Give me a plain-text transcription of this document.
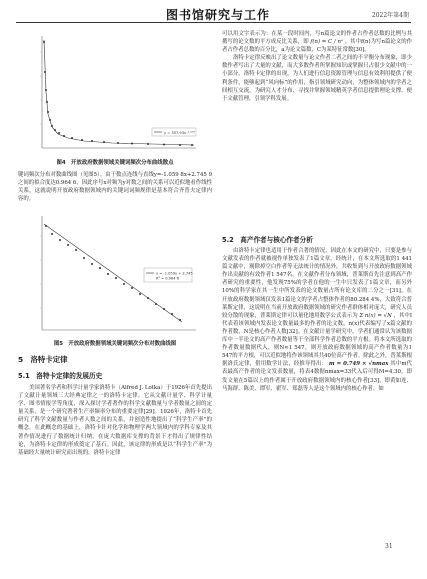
图书馆研究与工作	2022年第4期
y = 357.93x⁻¹·⁰⁵⁹
图4　开放政府数据领域关键词频次分布曲线散点

键词频次分布对数曲线图（见图5）。由于数点连线与直线y=-1.059 8x+2.745 9之间的拟合度达0.964 6，因此序号x对频为y对数之间的关系可以近似地看作线性关系，这就说明开放政府数据领域内的关键词词频规律是基本符合齐普夫定律内容的。

y = -1.059x + 2.745
R² = 0.964 6
图5　开放政府数据领域关键词频次分布对数曲线图
5　洛特卡定律
5.1　洛特卡定律的发展历史

美国著名学者和科学计量学家洛特卡（Alfred J. Lotka）于1926年首先提出了文献计量领域三大经典定律之一的洛特卡定律。它从文献计量学、科学计量学、图书情报学等角度，深入探讨学者著作的科学文献数量与学者数量之间的定量关系，是一个研究著者生产率频率分布的重要定律[29]。1926年，洛特卡首先研究了科学文献数量与作者人数之间的关系，并创造性地提出了“科学生产率”的概念。在此概念的基础上，洛特卡针对化学和物理学两大领域内的学科专家及其著作情况进行了数据统计归纳，在庞大数据库支撑的背景下才得出了规律性结论，为洛特卡定律的形成奠定了基石。因此，该定律的形成是以“科学生产率”为基础经大量统计研究而出现的。洛特卡定律

可以用文字表示为：在某一段时间内，写n篇论文的作者占作者总数的比例与其撰写的论文数的平方成反比关系，即 f(n) = C / nᵃ 。其中f(n)为写n篇论文的作者占作者总数的百分比，a为论文篇数，C为某特征常数[30]。

洛特卡定律反映出了论文数量与论文作者二者之间的不平衡分布现象，即少数作者写出了大量的文献，而大多数作者所掌握知识或掌握只占很少文献中的一小部分。洛特卡定律的出现，为人们进行信息资源管理与信息有效利用提供了便利条件，能够起到“风向标”的作用，指引领域研究动向，为整体领域内的学者之间相互交流，为研究人才分布、寻找并掌握领域精英学者信息提供理论支撑，便于文献管理，引领学科发展。

5.2　高产作者与核心作者分析

由洛特卡定律也适用于作者合著的情况，因此在本文的研究中，只要是参与文献发表的作者就被视作单独发表了1篇文章。经统计，在本文所选取的1 441篇文献中，剔除掉空白作者等无法统计的情况外，共收集到与开放政府数据领域作出贡献的有效作者1 547名。在文献作者分布领域，普莱斯首先注意到高产作者研究的重要性，他发现75%的学者在他的一生中只发表了1篇文章，而另外10%的科学家在其一生中所发表的论文数量占所有论文库的二分之一[31]。在开放政府数据领域仅发表1篇论文的学者占整体作者的80.284 4%，大致符合普莱斯定律，这说明在当前开放政府数据领域的研究作者群体相对庞大，研究人员较分散的现象，普莱斯定律可以量化地用数学公式表示为 Σ n(x) = √N ，其中I代表着该领域内发表论文数量最多的作者的论文数，n(x)代表编写了x篇文献的作者数，N是核心作者人数[32]。在文献计量学研究中，学者们通常认为该数据库中一半论文的高产作者数量等于全部科学作者总数的平方根。将本文所选取的作者数量数据代入，则N≈1 547，则开放政府数据领域的高产作者数量为1 547的平方根，可以近似地将作该领域其共40位高产作者。除此之外，普莱斯根据洛氏定律，借用数学计法，经推导得出： m = 0.749 × √nmax 其中m代表最高产作者的论文发表数量，将表4数据nmax=33代入后可得M=4.30，即发文量在5篇以上的作者属于开放政府数据领域内的核心作者[33]，即黄如连、马海群、陈美、谭军、翟军、郑磊等人是这个领域内的核心作者。如

31
